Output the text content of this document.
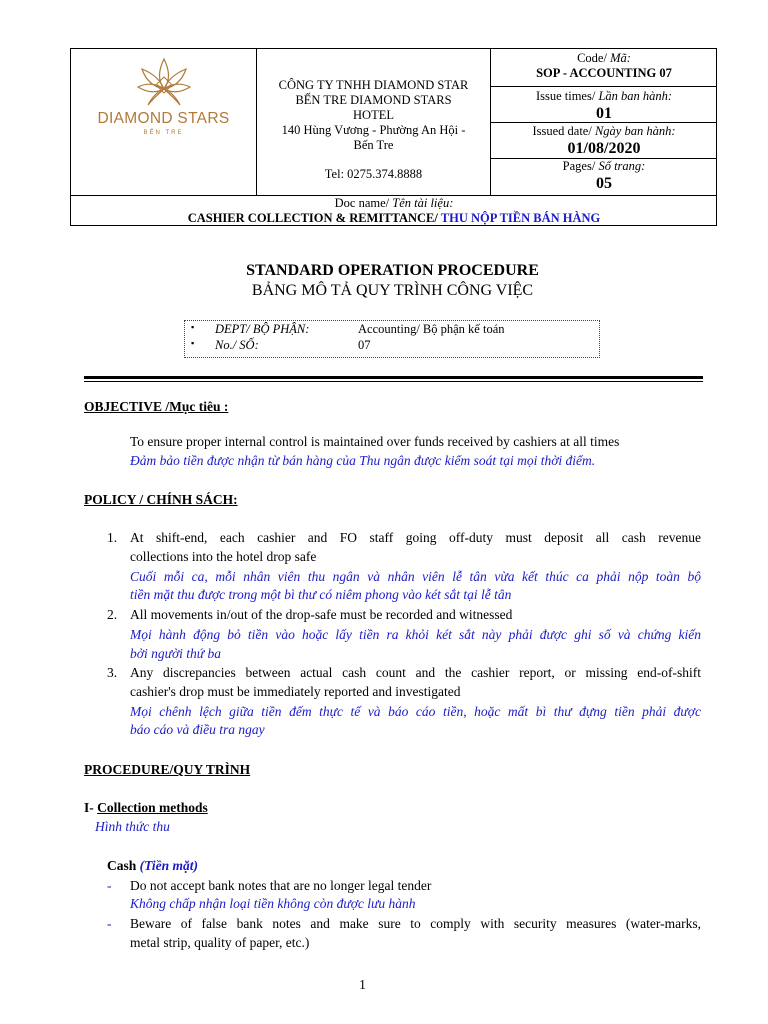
DIAMOND STARS
BẾN TRE
CÔNG TY TNHH DIAMOND STAR
BẾN TRE DIAMOND STARS
HOTEL
140 Hùng Vương - Phường An Hội -
Bến Tre
Tel: 0275.374.8888
Code/ Mã:
SOP - ACCOUNTING 07
Issue times/ Lần ban hành:
01
Issued date/ Ngày ban hành:
01/08/2020
Pages/ Số trang:
05
Doc name/ Tên tài liệu:
CASHIER COLLECTION & REMITTANCE/ THU NỘP TIỀN BÁN HÀNG
STANDARD OPERATION PROCEDURE
BẢNG MÔ TẢ QUY TRÌNH CÔNG VIỆC
▪ DEPT/ BỘ PHẬN:	Accounting/ Bộ phận kế toán
▪ No./ SỐ:	07
OBJECTIVE /Mục tiêu :
To ensure proper internal control is maintained over funds received by cashiers at all times
Đảm bảo tiền được nhận từ bán hàng của Thu ngân được kiểm soát tại mọi thời điểm.
POLICY / CHÍNH SÁCH:
1. At shift-end, each cashier and FO staff going off-duty must deposit all cash revenue
collections into the hotel drop safe
Cuối mỗi ca, mỗi nhân viên thu ngân và nhân viên lễ tân vừa kết thúc ca phải nộp toàn bộ
tiền mặt thu được trong một bì thư có niêm phong vào két sắt tại lễ tân
2. All movements in/out of the drop-safe must be recorded and witnessed
Mọi hành động bỏ tiền vào hoặc lấy tiền ra khỏi két sắt này phải được ghi số và chứng kiến
bởi người thứ ba
3. Any discrepancies between actual cash count and the cashier report, or missing end-of-shift
cashier's drop must be immediately reported and investigated
Mọi chênh lệch giữa tiền đếm thực tế và báo cáo tiền, hoặc mất bì thư đựng tiền phải được
báo cáo và điều tra ngay
PROCEDURE/QUY TRÌNH
I- Collection methods
Hình thức thu
Cash (Tiền mặt)
- Do not accept bank notes that are no longer legal tender
Không chấp nhận loại tiền không còn được lưu hành
- Beware of false bank notes and make sure to comply with security measures (water-marks,
metal strip, quality of paper, etc.)
1
